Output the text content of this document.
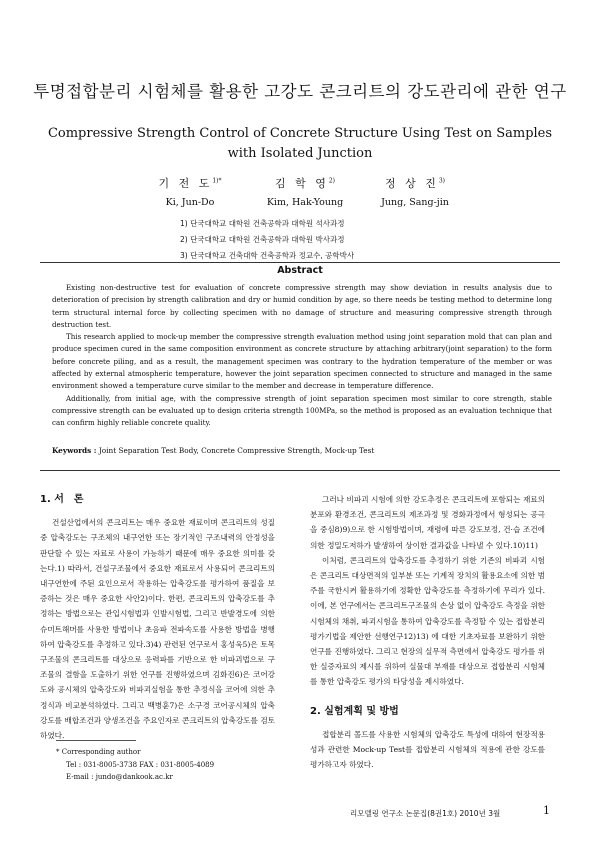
투명접합분리 시험체를 활용한 고강도 콘크리트의 강도관리에 관한 연구
Compressive Strength Control of Concrete Structure Using Test on Samples
with Isolated Junction
기 전 도$^{1)*}$
Ki, Jun-Do
김 학 영$^{2)}$
Kim, Hak-Young
정 상 진$^{3)}$
Jung, Sang-jin
1) 단국대학교 대학원 건축공학과 대학원 석사과정
2) 단국대학교 대학원 건축공학과 대학원 박사과정
3) 단국대학교 건축대학 건축공학과 정교수, 공학박사
Abstract

Existing non-destructive test for evaluation of concrete compressive strength may show deviation in results analysis due to deterioration of precision by strength calibration and dry or humid condition by age, so there needs be testing method to determine long term structural internal force by collecting specimen with no damage of structure and measuring compressive strength through destruction test.

This research applied to mock-up member the compressive strength evaluation method using joint separation mold that can plan and produce specimen cured in the same composition environment as concrete structure by attaching arbitrary(joint separation) to the form before concrete piling, and as a result, the management specimen was contrary to the hydration temperature of the member or was affected by external atmospheric temperature, however the joint separation specimen connected to structure and managed in the same environment showed a temperature curve similar to the member and decrease in temperature difference.

Additionally, from initial age, with the compressive strength of joint separation specimen most similar to core strength, stable compressive strength can be evaluated up to design criteria strength 100MPa, so the method is proposed as an evaluation technique that can confirm highly reliable concrete quality.

Keywords : Joint Separation Test Body, Concrete Compressive Strength, Mock-up Test
1. 서　론

건설산업에서의 콘크리트는 매우 중요한 재료이며 콘크리트의 성질 중 압축강도는 구조체의 내구연한 또는 장기적인 구조내력의 안정성을 판단할 수 있는 자료로 사용이 가능하기 때문에 매우 중요한 의미를 갖는다.1) 따라서, 건설구조물에서 중요한 재료로서 사용되어 콘크리트의 내구연한에 주된 요인으로서 작용하는 압축강도를 평가하여 품질을 보증하는 것은 매우 중요한 사안2)이다. 한편, 콘크리트의 압축강도를 추정하는 방법으로는 관입시험법과 인발시험법, 그리고 반발경도에 의한 슈미트해머를 사용한 방법이나 초음파 전파속도를 사용한 방법을 병행하여 압축강도를 추정하고 있다.3)4) 관련된 연구로서 홍성욱5)은 토목구조물의 콘크리트를 대상으로 응력파를 기반으로 한 비파괴법으로 구조물의 결함을 도출하기 위한 연구를 진행하였으며 김화진6)은 코어강도와 공시체의 압축강도와 비파괴실험을 통한 추정식을 코어에 의한 추정식과 비교분석하였다. 그리고 백병훈7)은 소구경 코어공시체의 압축강도를 배합조건과 양생조건을 주요인자로 콘크리트의 압축강도를 검토하였다.

* Corresponding author
Tel : 031-8005-3738 FAX : 031-8005-4089
E-mail : jundo@dankook.ac.kr

그러나 비파괴 시험에 의한 강도추정은 콘크리트에 포함되는 재료의 분포와 환경조건, 콘크리트의 제조과정 및 경화과정에서 형성되는 공극을 중심8)9)으로 한 시험방법이며, 재령에 따른 강도보정, 건·습 조건에 의한 정밀도저하가 발생하여 상이한 결과값을 나타낼 수 있다.10)11)

이처럼, 콘크리트의 압축강도를 추정하기 위한 기존의 비파괴 시험은 콘크리트 대상면적의 일부분 또는 기계적 장치의 활용요소에 의한 범주를 국한시켜 활용하기에 정확한 압축강도를 측정하기에 무리가 있다. 이에, 본 연구에서는 콘크리트구조물의 손상 없이 압축강도 측정을 위한 시험체의 채취, 파괴시험을 통하여 압축강도를 측정할 수 있는 접합분리 평가기법을 제안한 선행연구12)13) 에 대한 기초자료를 보완하기 위한 연구를 진행하였다. 그리고 현장의 실무적 측면에서 압축강도 평가를 위한 실증자료의 제시를 위하여 실물대 부재를 대상으로 접합분리 시험체를 통한 압축강도 평가의 타당성을 제시하였다.

2. 실험계획 및 방법

접합분리 몰드를 사용한 시험체의 압축강도 특성에 대하여 현장적용성과 관련한 Mock-up Test를 접합분리 시험체의 적용에 관한 강도를 평가하고자 하였다.

리모델링 연구소 논문집(8권1호) 2010년 3월	1
